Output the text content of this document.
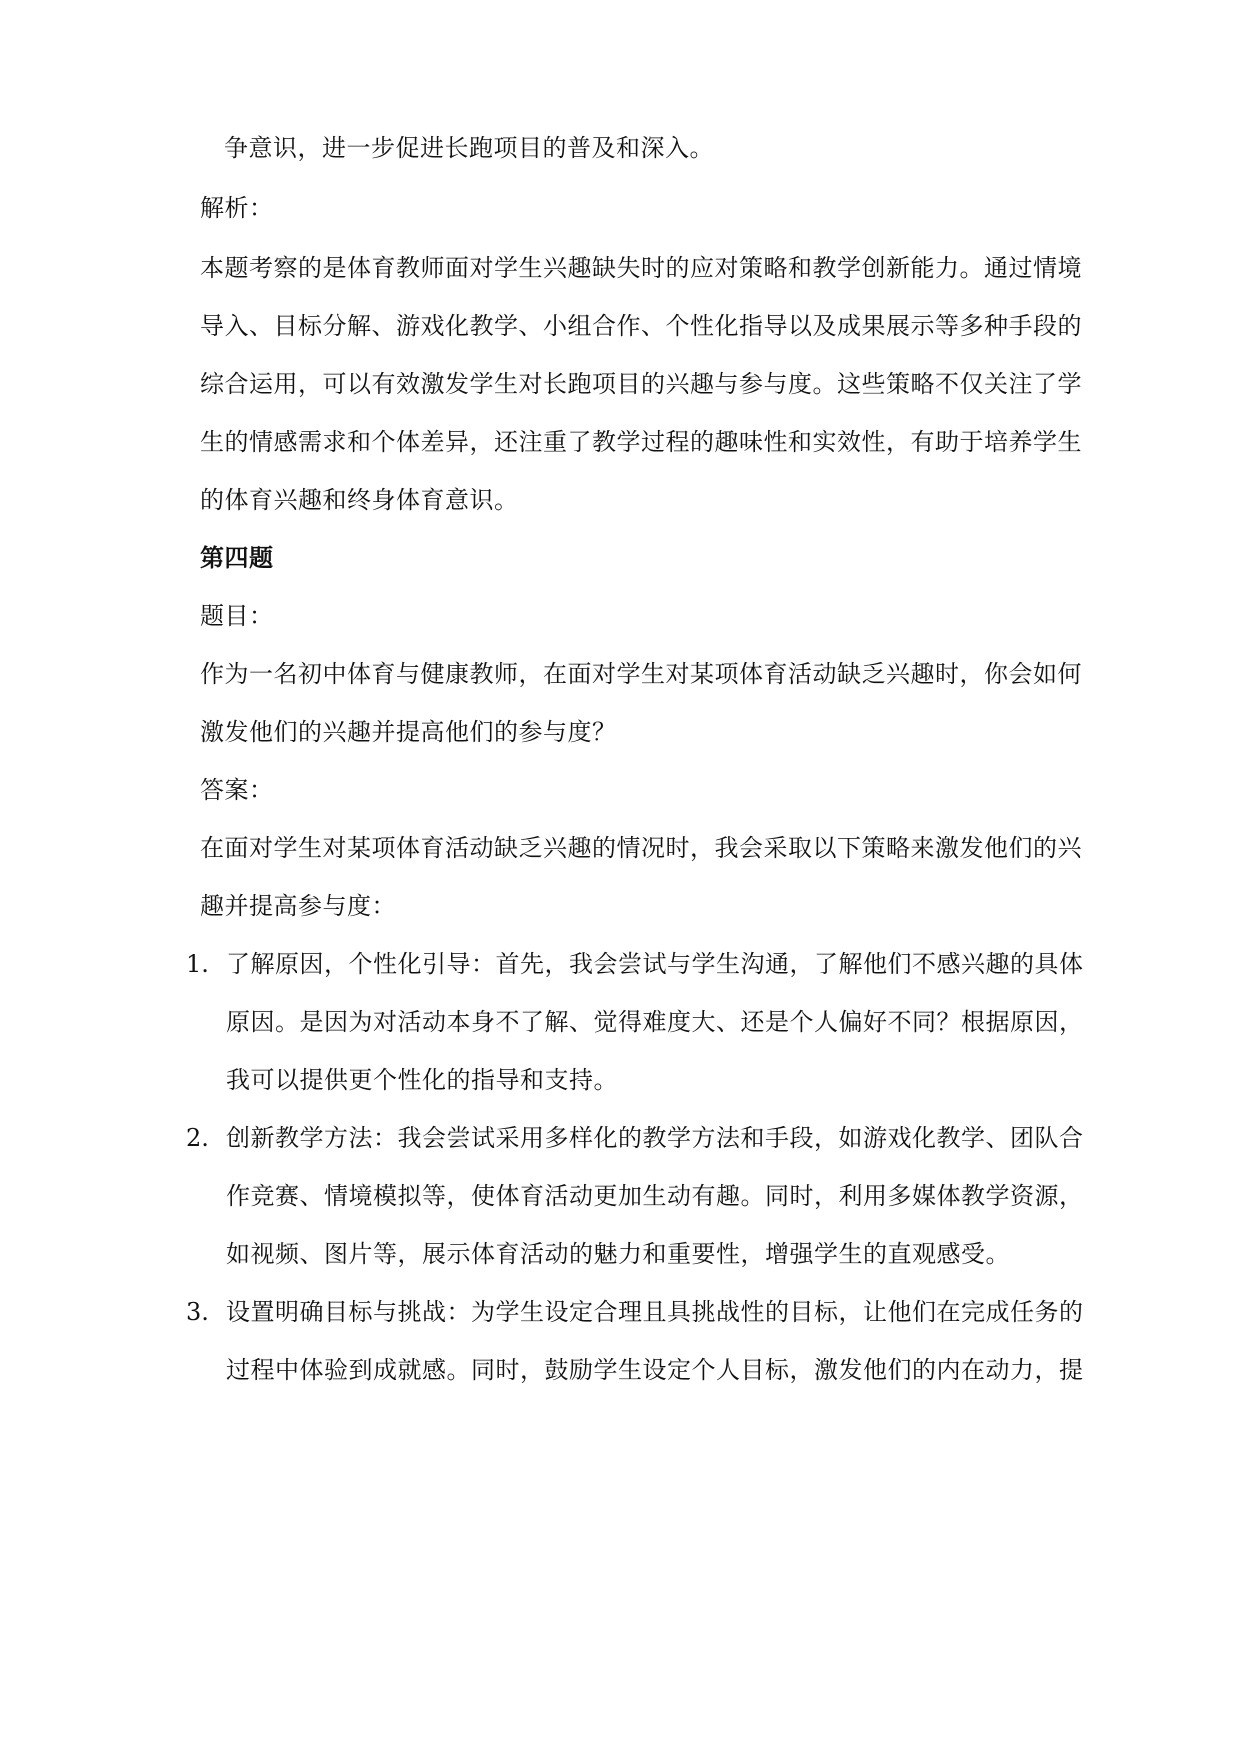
争意识，进一步促进长跑项目的普及和深入。
解析：
本题考察的是体育教师面对学生兴趣缺失时的应对策略和教学创新能力。通过情境
导入、目标分解、游戏化教学、小组合作、个性化指导以及成果展示等多种手段的
综合运用，可以有效激发学生对长跑项目的兴趣与参与度。这些策略不仅关注了学
生的情感需求和个体差异，还注重了教学过程的趣味性和实效性，有助于培养学生
的体育兴趣和终身体育意识。
第四题
题目：
作为一名初中体育与健康教师，在面对学生对某项体育活动缺乏兴趣时，你会如何
激发他们的兴趣并提高他们的参与度？
答案：
在面对学生对某项体育活动缺乏兴趣的情况时，我会采取以下策略来激发他们的兴
趣并提高参与度：
1. 了解原因，个性化引导：首先，我会尝试与学生沟通，了解他们不感兴趣的具体
原因。是因为对活动本身不了解、觉得难度大、还是个人偏好不同？根据原因，
我可以提供更个性化的指导和支持。
2. 创新教学方法：我会尝试采用多样化的教学方法和手段，如游戏化教学、团队合
作竞赛、情境模拟等，使体育活动更加生动有趣。同时，利用多媒体教学资源，
如视频、图片等，展示体育活动的魅力和重要性，增强学生的直观感受。
3. 设置明确目标与挑战：为学生设定合理且具挑战性的目标，让他们在完成任务的
过程中体验到成就感。同时，鼓励学生设定个人目标，激发他们的内在动力，提
